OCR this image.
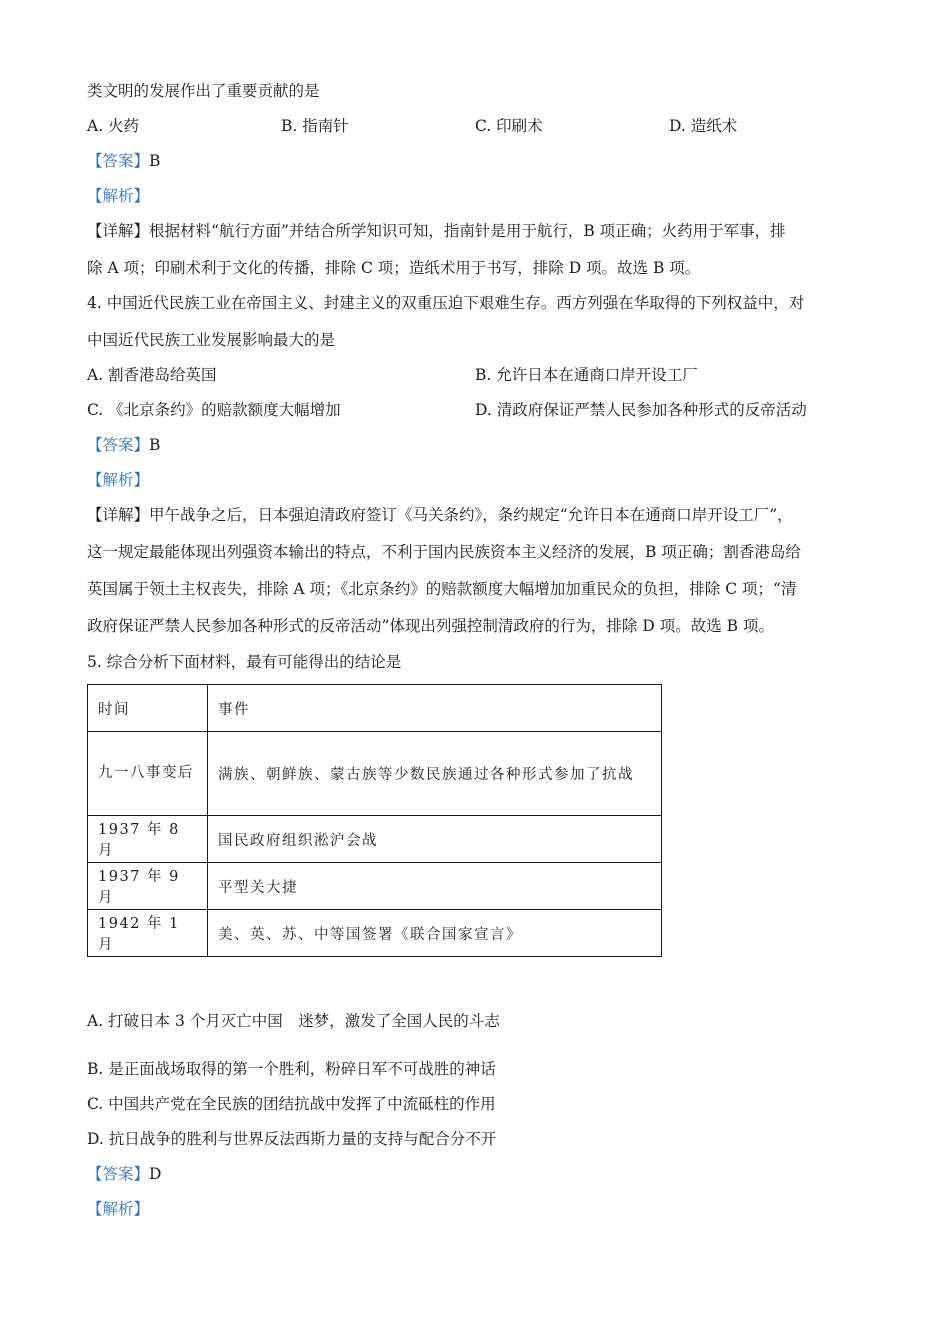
类文明的发展作出了重要贡献的是
A. 火药	B. 指南针	C. 印刷术	D. 造纸术
【答案】B
【解析】
【详解】根据材料“航行方面”并结合所学知识可知，指南针是用于航行，B 项正确；火药用于军事，排
除 A 项；印刷术利于文化的传播，排除 C 项；造纸术用于书写，排除 D 项。故选 B 项。
4. 中国近代民族工业在帝国主义、封建主义的双重压迫下艰难生存。西方列强在华取得的下列权益中，对
中国近代民族工业发展影响最大的是
A. 割香港岛给英国	B. 允许日本在通商口岸开设工厂
C. 《北京条约》的赔款额度大幅增加	D. 清政府保证严禁人民参加各种形式的反帝活动
【答案】B
【解析】
【详解】甲午战争之后，日本强迫清政府签订《马关条约》，条约规定“允许日本在通商口岸开设工厂”，
这一规定最能体现出列强资本输出的特点，不利于国内民族资本主义经济的发展，B 项正确；割香港岛给
英国属于领土主权丧失，排除 A 项；《北京条约》的赔款额度大幅增加加重民众的负担，排除 C 项；“清
政府保证严禁人民参加各种形式的反帝活动”体现出列强控制清政府的行为，排除 D 项。故选 B 项。
5. 综合分析下面材料，最有可能得出的结论是
时间	事件
九一八事变后	满族、朝鲜族、蒙古族等少数民族通过各种形式参加了抗战
1937 年 8 月	国民政府组织淞沪会战
1937 年 9 月	平型关大捷
1942 年 1 月	美、英、苏、中等国签署《联合国家宣言》
A. 打破日本 3 个月灭亡中国　迷梦，激发了全国人民的斗志
B. 是正面战场取得的第一个胜利，粉碎日军不可战胜的神话
C. 中国共产党在全民族的团结抗战中发挥了中流砥柱的作用
D. 抗日战争的胜利与世界反法西斯力量的支持与配合分不开
【答案】D
【解析】
